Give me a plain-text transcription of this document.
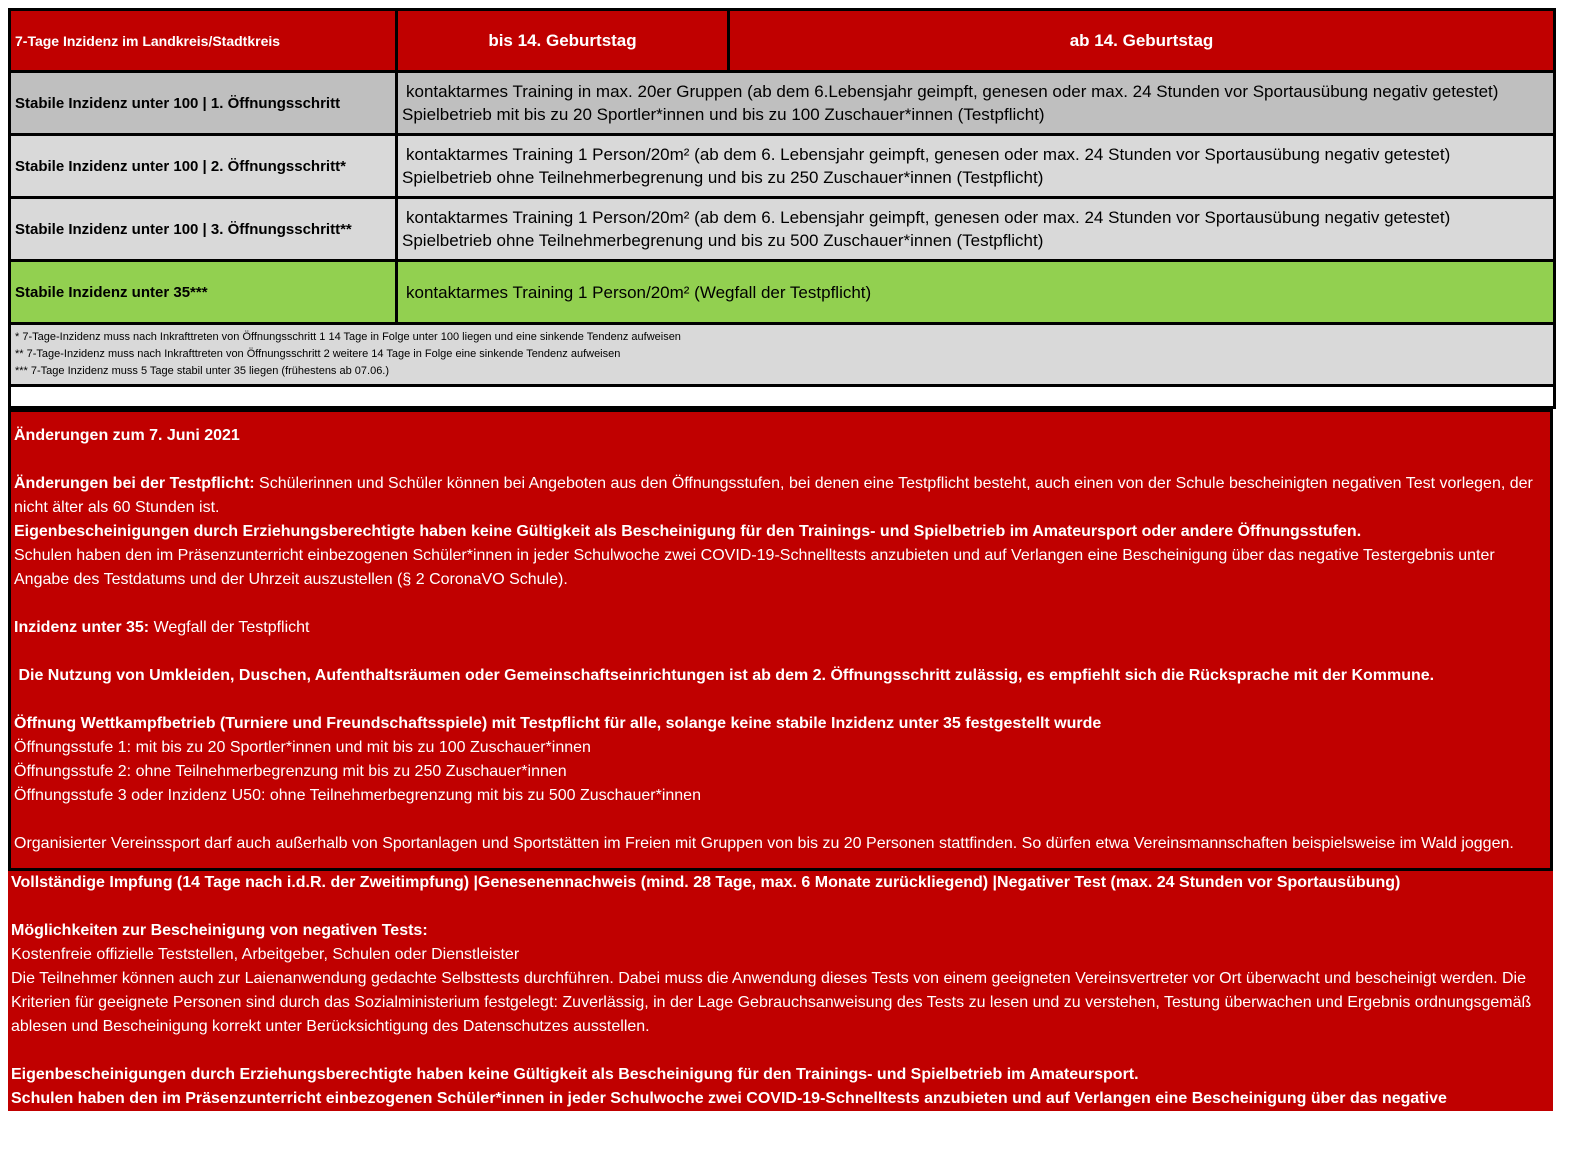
7-Tage Inzidenz im Landkreis/Stadtkreis	bis 14. Geburtstag	ab 14. Geburtstag
Stabile Inzidenz unter 100 | 1. Öffnungsschritt	kontaktarmes Training in max. 20er Gruppen (ab dem 6.Lebensjahr geimpft, genesen oder max. 24 Stunden vor Sportausübung negativ getestet)
Spielbetrieb mit bis zu 20 Sportler*innen und bis zu 100 Zuschauer*innen (Testpflicht)	

Stabile Inzidenz unter 100 | 2. Öffnungsschritt*	kontaktarmes Training 1 Person/20m² (ab dem 6. Lebensjahr geimpft, genesen oder max. 24 Stunden vor Sportausübung negativ getestet)
Spielbetrieb ohne Teilnehmerbegrenung und bis zu 250 Zuschauer*innen (Testpflicht)	

Stabile Inzidenz unter 100 | 3. Öffnungsschritt**	kontaktarmes Training 1 Person/20m² (ab dem 6. Lebensjahr geimpft, genesen oder max. 24 Stunden vor Sportausübung negativ getestet)
Spielbetrieb ohne Teilnehmerbegrenung und bis zu 500 Zuschauer*innen (Testpflicht)	

Stabile Inzidenz unter 35***	kontaktarmes Training 1 Person/20m² (Wegfall der Testpflicht)	

* 7-Tage-Inzidenz muss nach Inkrafttreten von Öffnungsschritt 1 14 Tage in Folge unter 100 liegen und eine sinkende Tendenz aufweisen
** 7-Tage-Inzidenz muss nach Inkrafttreten von Öffnungsschritt 2 weitere 14 Tage in Folge eine sinkende Tendenz aufweisen
*** 7-Tage Inzidenz muss 5 Tage stabil unter 35 liegen (frühestens ab 07.06.)		

Änderungen zum 7. Juni 2021

Änderungen bei der Testpflicht: Schülerinnen und Schüler können bei Angeboten aus den Öffnungsstufen, bei denen eine Testpflicht besteht, auch einen von der Schule bescheinigten negativen Test vorlegen, der nicht älter als 60 Stunden ist.

Eigenbescheinigungen durch Erziehungsberechtigte haben keine Gültigkeit als Bescheinigung für den Trainings- und Spielbetrieb im Amateursport oder andere Öffnungsstufen.

Schulen haben den im Präsenzunterricht einbezogenen Schüler*innen in jeder Schulwoche zwei COVID-19-Schnelltests anzubieten und auf Verlangen eine Bescheinigung über das negative Testergebnis unter Angabe des Testdatums und der Uhrzeit auszustellen (§ 2 CoronaVO Schule).

Inzidenz unter 35: Wegfall der Testpflicht

Die Nutzung von Umkleiden, Duschen, Aufenthaltsräumen oder Gemeinschaftseinrichtungen ist ab dem 2. Öffnungsschritt zulässig, es empfiehlt sich die Rücksprache mit der Kommune.

Öffnung Wettkampfbetrieb (Turniere und Freundschaftsspiele) mit Testpflicht für alle, solange keine stabile Inzidenz unter 35 festgestellt wurde

Öffnungsstufe 1: mit bis zu 20 Sportler*innen und mit bis zu 100 Zuschauer*innen

Öffnungsstufe 2: ohne Teilnehmerbegrenzung mit bis zu 250 Zuschauer*innen

Öffnungsstufe 3 oder Inzidenz U50: ohne Teilnehmerbegrenzung mit bis zu 500 Zuschauer*innen

Organisierter Vereinssport darf auch außerhalb von Sportanlagen und Sportstätten im Freien mit Gruppen von bis zu 20 Personen stattfinden. So dürfen etwa Vereinsmannschaften beispielsweise im Wald joggen.

Vollständige Impfung (14 Tage nach i.d.R. der Zweitimpfung) |Genesenennachweis (mind. 28 Tage, max. 6 Monate zurückliegend) |Negativer Test (max. 24 Stunden vor Sportausübung)

Möglichkeiten zur Bescheinigung von negativen Tests:

Kostenfreie offizielle Teststellen, Arbeitgeber, Schulen oder Dienstleister

Die Teilnehmer können auch zur Laienanwendung gedachte Selbsttests durchführen. Dabei muss die Anwendung dieses Tests von einem geeigneten Vereinsvertreter vor Ort überwacht und bescheinigt werden. Die Kriterien für geeignete Personen sind durch das Sozialministerium festgelegt: Zuverlässig, in der Lage Gebrauchsanweisung des Tests zu lesen und zu verstehen, Testung überwachen und Ergebnis ordnungsgemäß ablesen und Bescheinigung korrekt unter Berücksichtigung des Datenschutzes ausstellen.

Eigenbescheinigungen durch Erziehungsberechtigte haben keine Gültigkeit als Bescheinigung für den Trainings- und Spielbetrieb im Amateursport.

Schulen haben den im Präsenzunterricht einbezogenen Schüler*innen in jeder Schulwoche zwei COVID-19-Schnelltests anzubieten und auf Verlangen eine Bescheinigung über das negative
